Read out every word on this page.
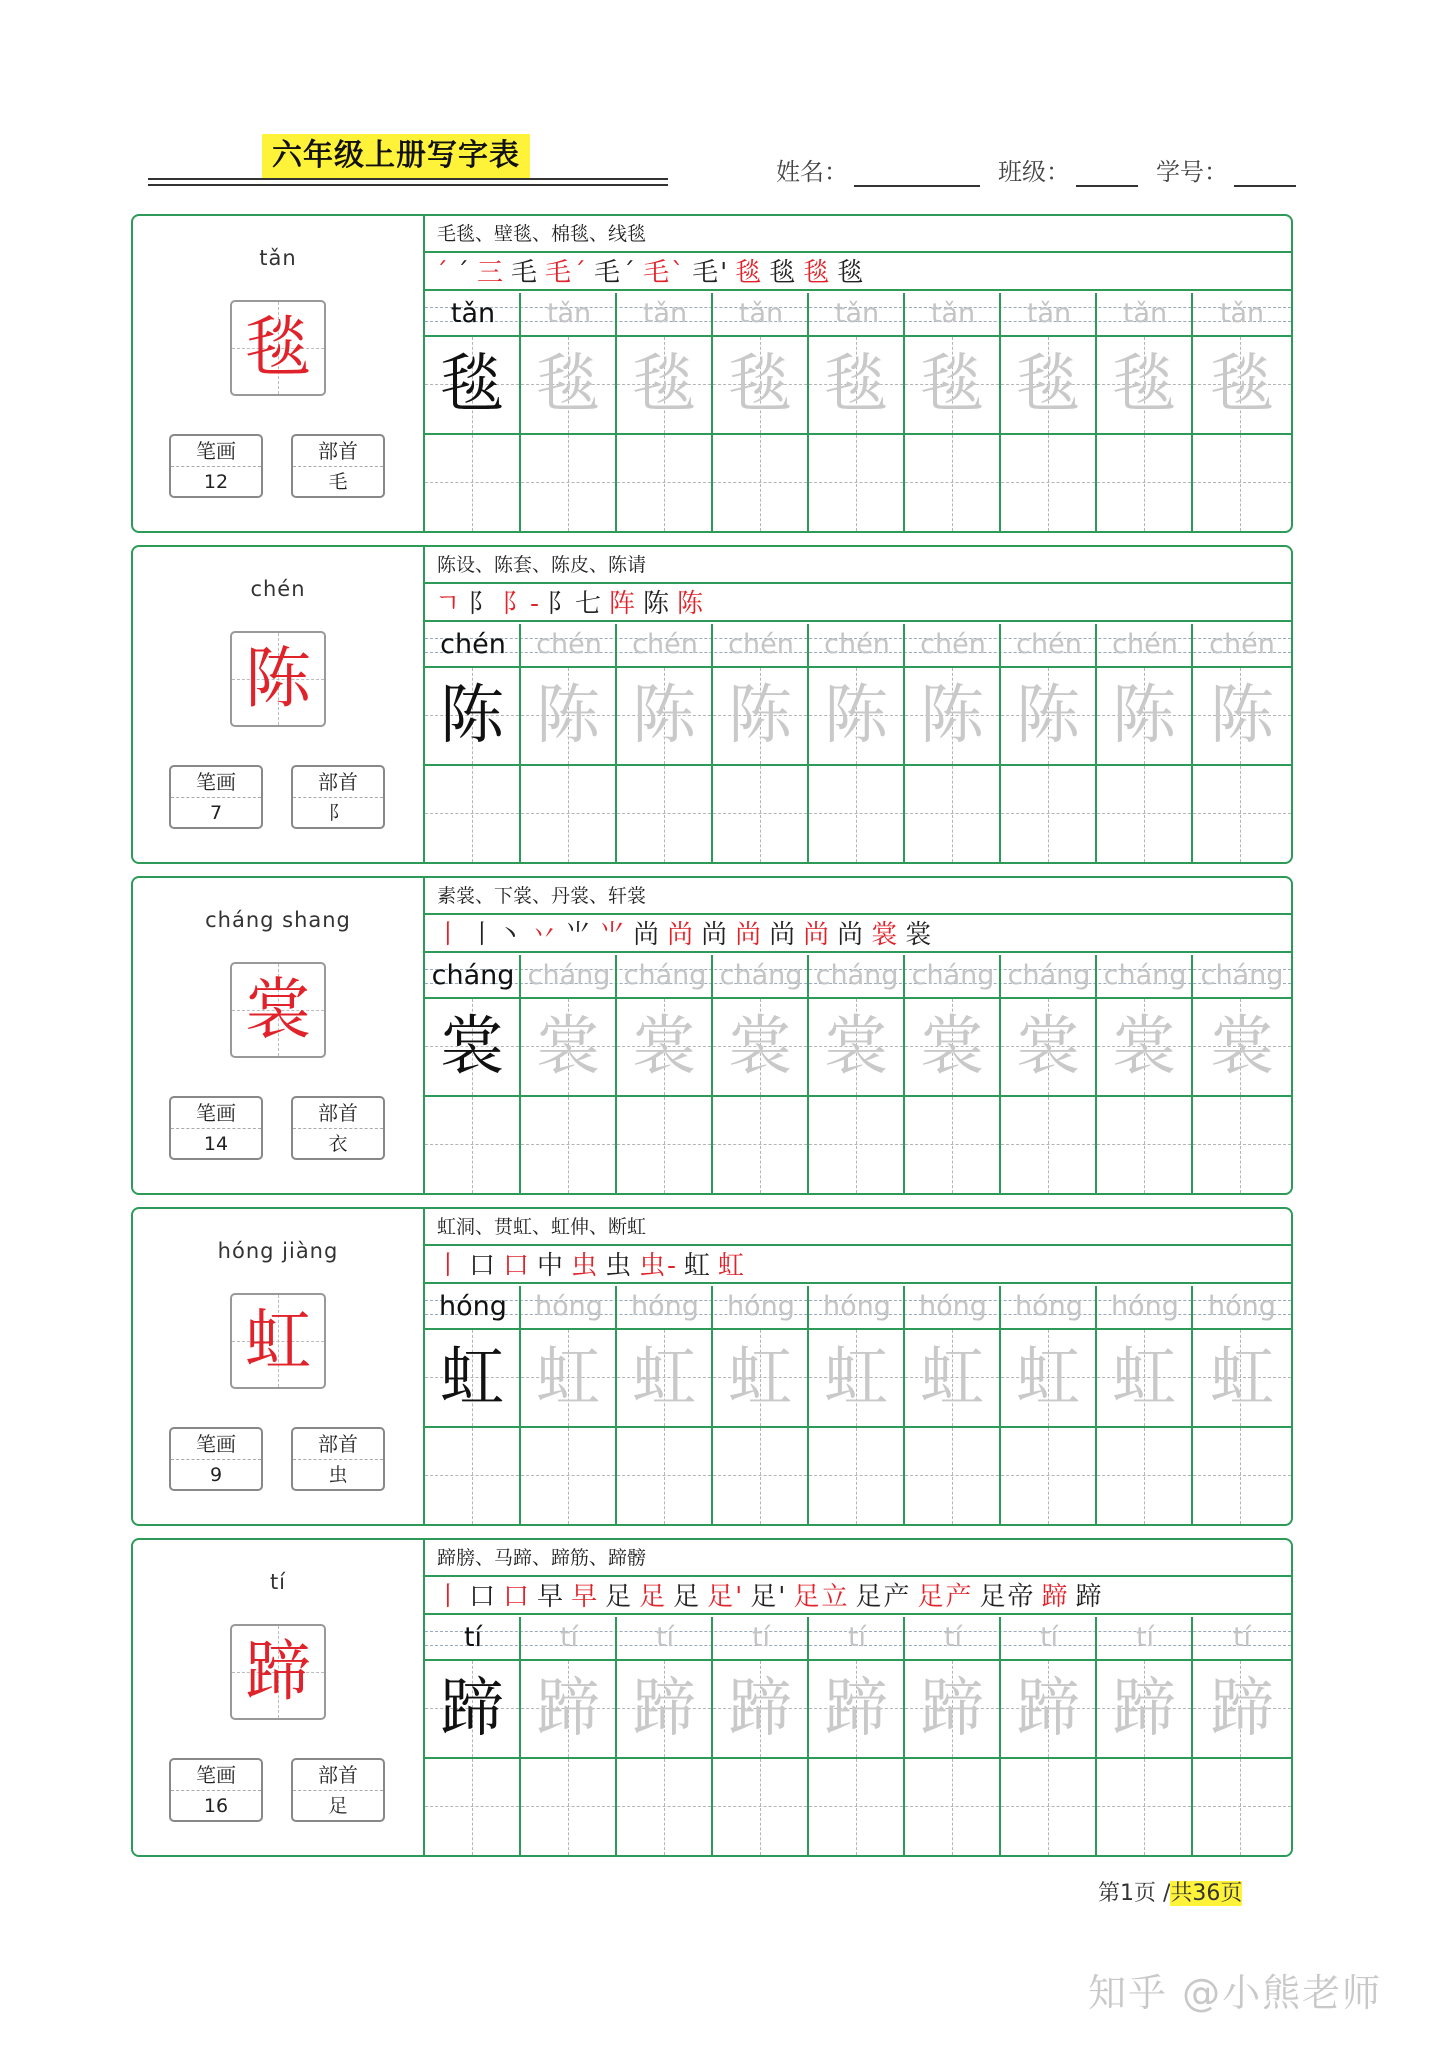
六年级上册写字表	姓名：	班级：	学号：
tǎn
毯
笔画
12
部首
毛
毛毯、壁毯、棉毯、线毯
ˊ ˊ 三 毛 毛ˊ 毛ˊ 毛ˋ 毛' 毯 毯 毯 毯
tǎn	tǎn	tǎn	tǎn	tǎn	tǎn	tǎn	tǎn	tǎn
毯 毯 毯 毯 毯 毯 毯 毯 毯
chén
陈
笔画
7
部首
阝
陈设、陈套、陈皮、陈请
ㄱ 阝 阝- 阝七 阵 陈 陈
chén	chén	chén	chén	chén	chén	chén	chén	chén
陈 陈 陈 陈 陈 陈 陈 陈 陈
cháng shang
裳
笔画
14
部首
衣
素裳、下裳、丹裳、轩裳
丨 丨丶 丷 ⺌ ⺌ 尚 尚 尚 尚 尚 尚 尚 裳 裳
cháng cháng cháng cháng cháng cháng cháng cháng cháng
裳 裳 裳 裳 裳 裳 裳 裳 裳
hóng jiàng
虹
笔画
9
部首
虫
虹洞、贯虹、虹伸、断虹
丨 口 口 中 虫 虫 虫- 虹 虹
hóng	hóng	hóng	hóng	hóng	hóng	hóng	hóng	hóng
虹 虹 虹 虹 虹 虹 虹 虹 虹
tí
蹄
笔画
16
部首
足
蹄膀、马蹄、蹄筋、蹄髈
丨 口 口 早 早 足 足 足 足' 足' 足立 足产 足产 足帝 蹄 蹄
tí	tí	tí	tí	tí	tí	tí	tí	tí
蹄 蹄 蹄 蹄 蹄 蹄 蹄 蹄 蹄
第1页 /共36页
知乎 @小熊老师
